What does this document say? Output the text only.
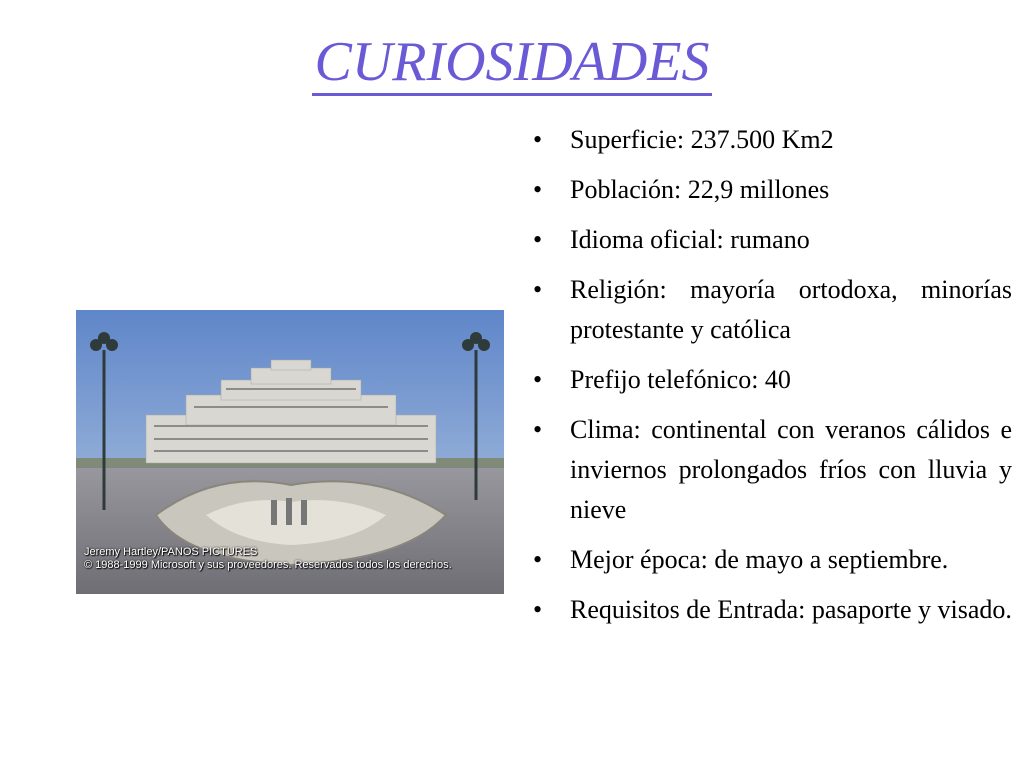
CURIOSIDADES
Jeremy Hartley/PANOS PICTURES
© 1988-1999 Microsoft y sus proveedores. Reservados todos los derechos.
• Superficie: 237.500 Km2
• Población: 22,9 millones
• Idioma oficial: rumano
• Religión: mayoría ortodoxa, minorías protestante y católica
• Prefijo telefónico: 40
• Clima: continental con veranos cálidos e inviernos prolongados fríos con lluvia y nieve
• Mejor época: de mayo a septiembre.
• Requisitos de Entrada: pasaporte y visado.
